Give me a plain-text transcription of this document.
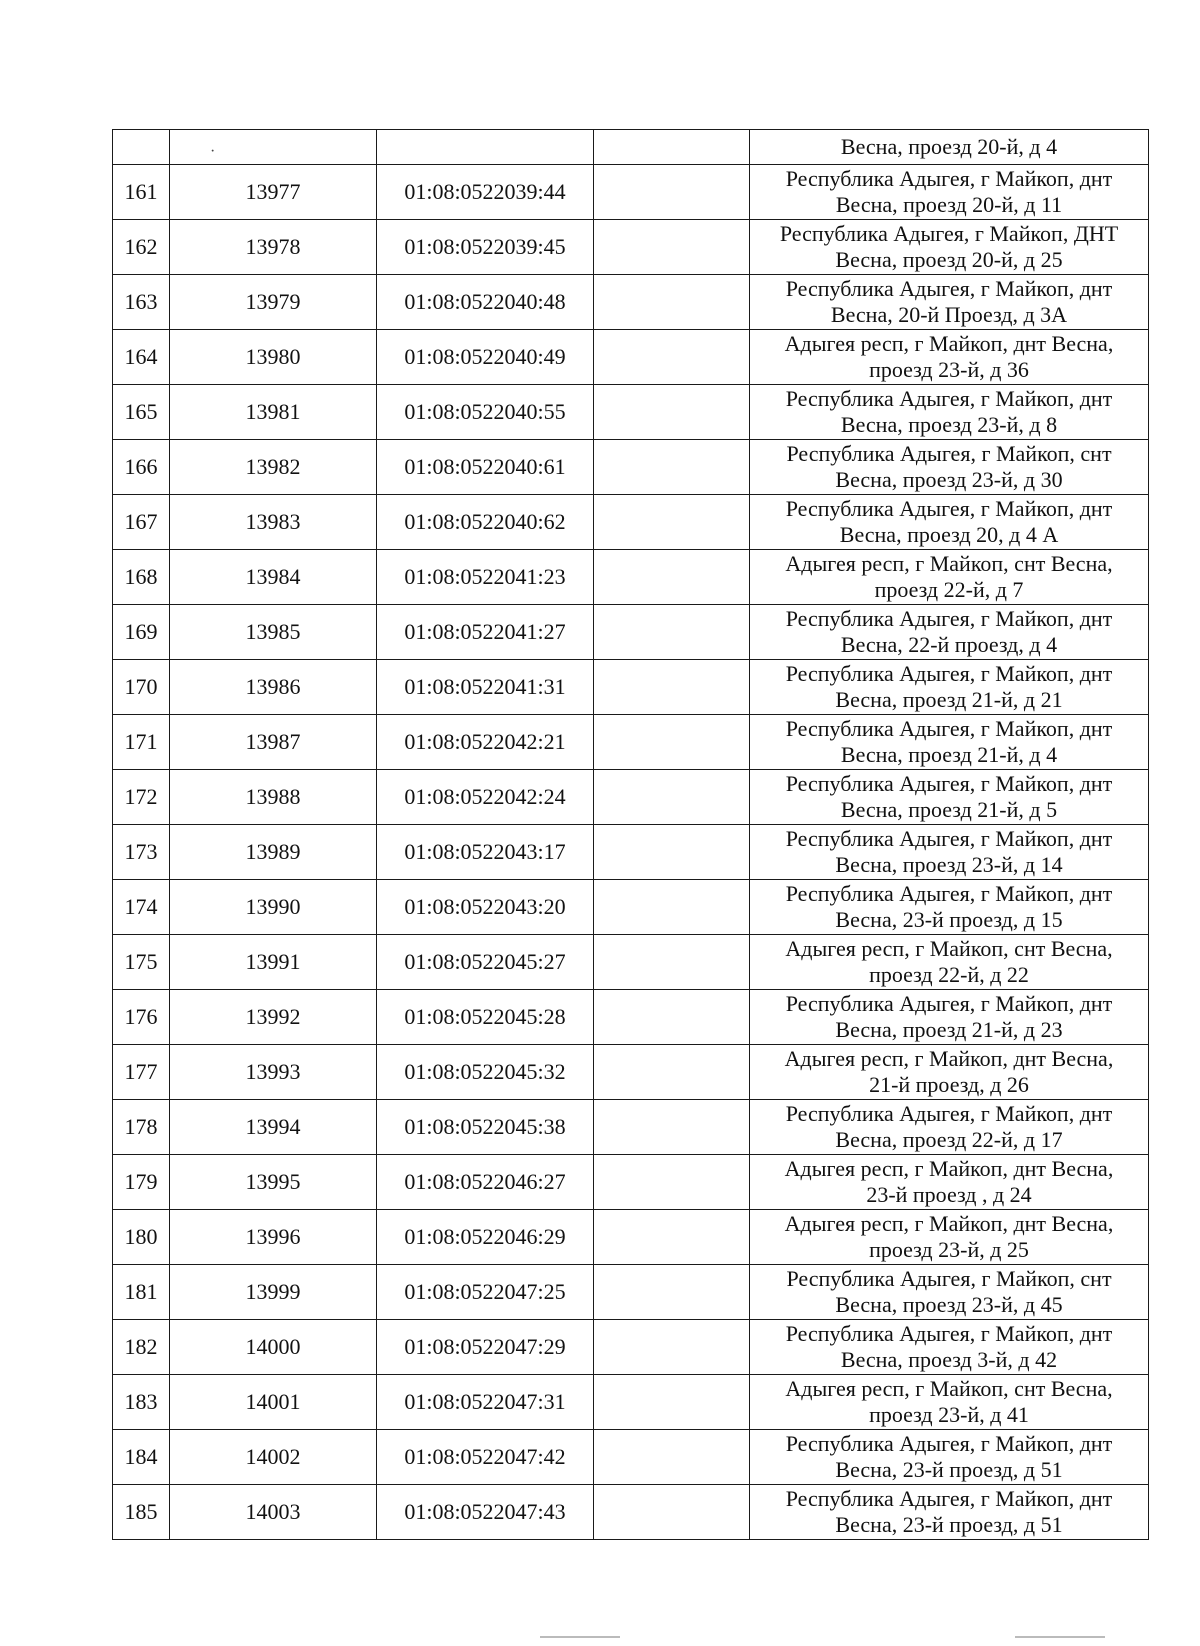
·

				Весна, проезд 20-й, д 4

161	13977	01:08:0522039:44		Республика Адыгея, г Майкоп, днт
Весна, проезд 20-й, д 11

162	13978	01:08:0522039:45		Республика Адыгея, г Майкоп, ДНТ
Весна, проезд 20-й, д 25

163	13979	01:08:0522040:48		Республика Адыгея, г Майкоп, днт
Весна, 20-й Проезд, д 3А

164	13980	01:08:0522040:49		Адыгея респ, г Майкоп, днт Весна,
проезд 23-й, д 36

165	13981	01:08:0522040:55		Республика Адыгея, г Майкоп, днт
Весна, проезд 23-й, д 8

166	13982	01:08:0522040:61		Республика Адыгея, г Майкоп, снт
Весна, проезд 23-й, д 30

167	13983	01:08:0522040:62		Республика Адыгея, г Майкоп, днт
Весна, проезд 20, д 4 А

168	13984	01:08:0522041:23		Адыгея респ, г Майкоп, снт Весна,
проезд 22-й, д 7

169	13985	01:08:0522041:27		Республика Адыгея, г Майкоп, днт
Весна, 22-й проезд, д 4

170	13986	01:08:0522041:31		Республика Адыгея, г Майкоп, днт
Весна, проезд 21-й, д 21

171	13987	01:08:0522042:21		Республика Адыгея, г Майкоп, днт
Весна, проезд 21-й, д 4

172	13988	01:08:0522042:24		Республика Адыгея, г Майкоп, днт
Весна, проезд 21-й, д 5

173	13989	01:08:0522043:17		Республика Адыгея, г Майкоп, днт
Весна, проезд 23-й, д 14

174	13990	01:08:0522043:20		Республика Адыгея, г Майкоп, днт
Весна, 23-й проезд, д 15

175	13991	01:08:0522045:27		Адыгея респ, г Майкоп, снт Весна,
проезд 22-й, д 22

176	13992	01:08:0522045:28		Республика Адыгея, г Майкоп, днт
Весна, проезд 21-й, д 23

177	13993	01:08:0522045:32		Адыгея респ, г Майкоп, днт Весна,
21-й проезд, д 26

178	13994	01:08:0522045:38		Республика Адыгея, г Майкоп, днт
Весна, проезд 22-й, д 17

179	13995	01:08:0522046:27		Адыгея респ, г Майкоп, днт Весна,
23-й проезд , д 24

180	13996	01:08:0522046:29		Адыгея респ, г Майкоп, днт Весна,
проезд 23-й, д 25

181	13999	01:08:0522047:25		Республика Адыгея, г Майкоп, снт
Весна, проезд 23-й, д 45

182	14000	01:08:0522047:29		Республика Адыгея, г Майкоп, днт
Весна, проезд 3-й, д 42

183	14001	01:08:0522047:31		Адыгея респ, г Майкоп, снт Весна,
проезд 23-й, д 41

184	14002	01:08:0522047:42		Республика Адыгея, г Майкоп, днт
Весна, 23-й проезд, д 51

185	14003	01:08:0522047:43		Республика Адыгея, г Майкоп, днт
Весна, 23-й проезд, д 51
